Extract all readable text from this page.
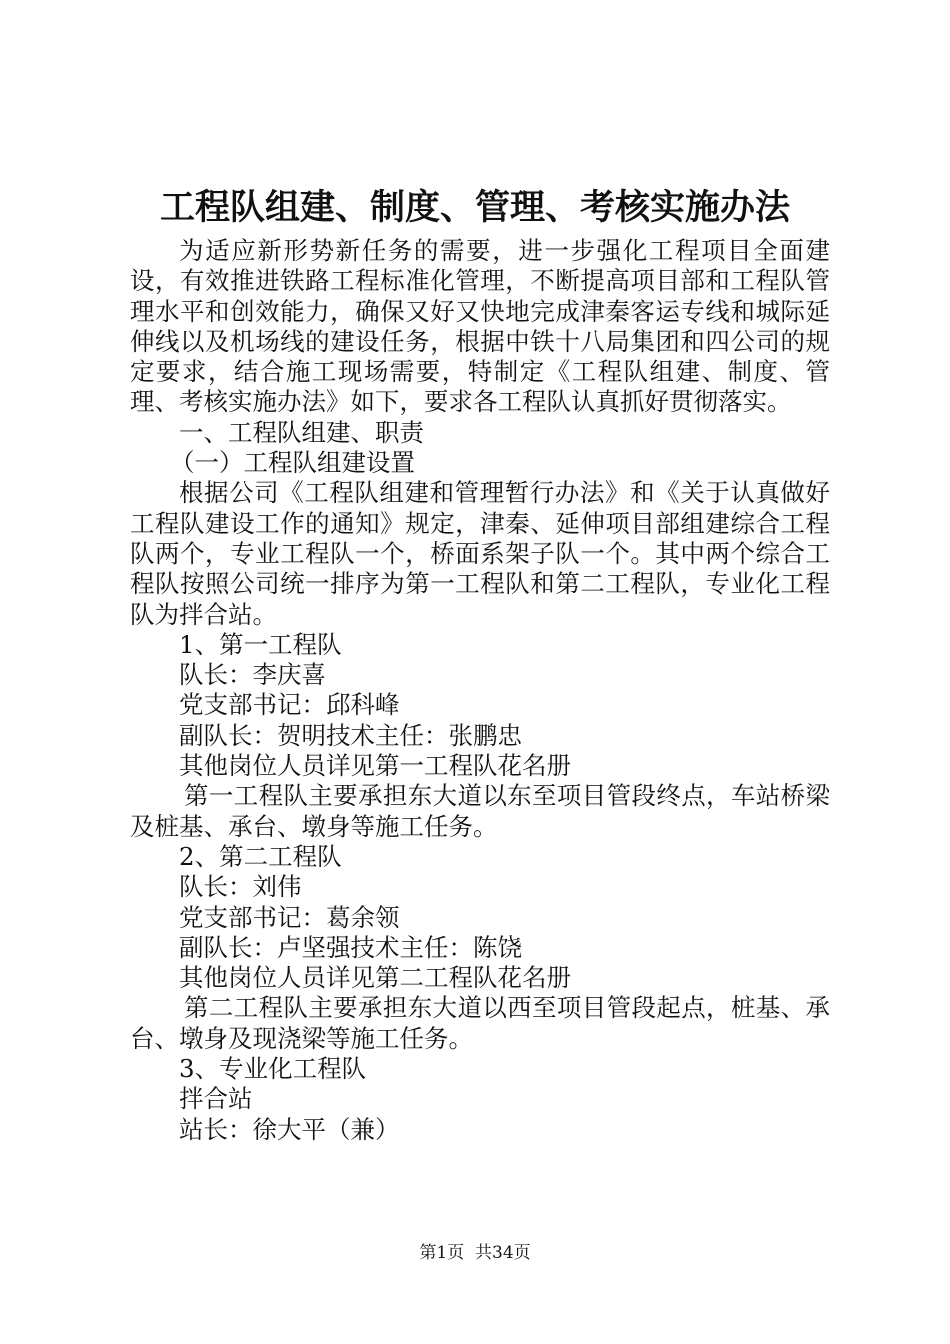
工程队组建、制度、管理、考核实施办法

为适应新形势新任务的需要，进一步强化工程项目全面建设，有效推进铁路工程标准化管理，不断提高项目部和工程队管理水平和创效能力，确保又好又快地完成津秦客运专线和城际延伸线以及机场线的建设任务，根据中铁十八局集团和四公司的规定要求，结合施工现场需要，特制定《工程队组建、制度、管理、考核实施办法》如下，要求各工程队认真抓好贯彻落实。

一、工程队组建、职责

（一）工程队组建设置

根据公司《工程队组建和管理暂行办法》和《关于认真做好工程队建设工作的通知》规定，津秦、延伸项目部组建综合工程队两个，专业工程队一个，桥面系架子队一个。其中两个综合工程队按照公司统一排序为第一工程队和第二工程队，专业化工程队为拌合站。

1、第一工程队

队长：李庆喜

党支部书记：邱科峰

副队长：贺明技术主任：张鹏忠

其他岗位人员详见第一工程队花名册

第一工程队主要承担东大道以东至项目管段终点，车站桥梁及桩基、承台、墩身等施工任务。

2、第二工程队

队长：刘伟

党支部书记：葛余领

副队长：卢坚强技术主任：陈饶

其他岗位人员详见第二工程队花名册

第二工程队主要承担东大道以西至项目管段起点，桩基、承台、墩身及现浇梁等施工任务。

3、专业化工程队

拌合站

站长：徐大平（兼）

第1页  共34页
